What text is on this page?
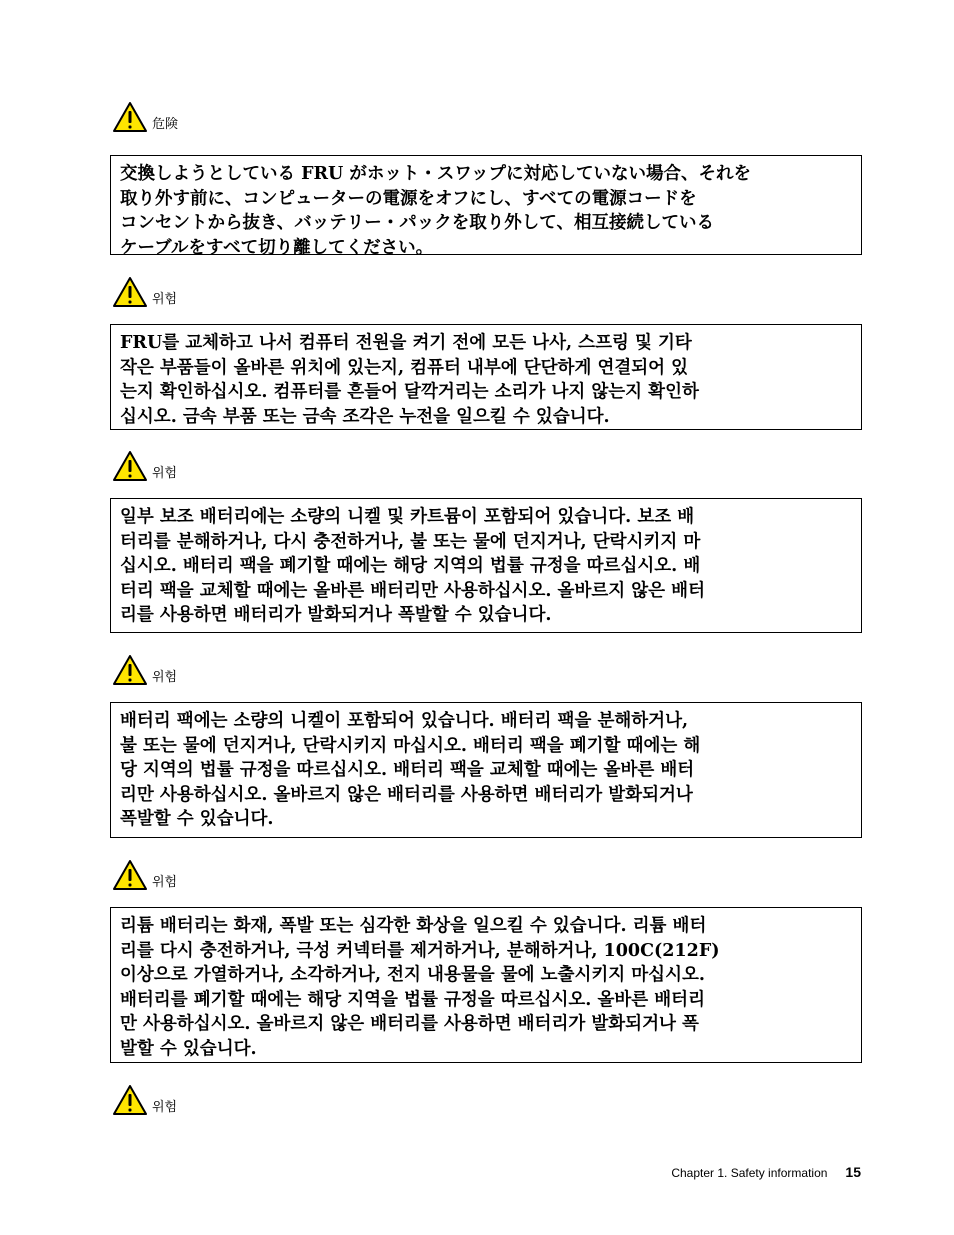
危険

交換しようとしている FRU がホット・スワップに対応していない場合、それを
取り外す前に、コンピューターの電源をオフにし、すべての電源コードを
コンセントから抜き、バッテリー・パックを取り外して、相互接続している
ケーブルをすべて切り離してください。

위험

FRU를 교체하고 나서 컴퓨터 전원을 켜기 전에 모든 나사, 스프링 및 기타
작은 부품들이 올바른 위치에 있는지, 컴퓨터 내부에 단단하게 연결되어 있
는지 확인하십시오. 컴퓨터를 흔들어 달깍거리는 소리가 나지 않는지 확인하
십시오. 금속 부품 또는 금속 조각은 누전을 일으킬 수 있습니다.

위험

일부 보조 배터리에는 소량의 니켈 및 카트뮴이 포함되어 있습니다. 보조 배
터리를 분해하거나, 다시 충전하거나, 불 또는 물에 던지거나, 단락시키지 마
십시오. 배터리 팩을 폐기할 때에는 해당 지역의 법률 규정을 따르십시오. 배
터리 팩을 교체할 때에는 올바른 배터리만 사용하십시오. 올바르지 않은 배터
리를 사용하면 배터리가 발화되거나 폭발할 수 있습니다.

위험

배터리 팩에는 소량의 니켈이 포함되어 있습니다. 배터리 팩을 분해하거나,
불 또는 물에 던지거나, 단락시키지 마십시오. 배터리 팩을 폐기할 때에는 해
당 지역의 법률 규정을 따르십시오. 배터리 팩을 교체할 때에는 올바른 배터
리만 사용하십시오. 올바르지 않은 배터리를 사용하면 배터리가 발화되거나
폭발할 수 있습니다.

위험

리튬 배터리는 화재, 폭발 또는 심각한 화상을 일으킬 수 있습니다. 리튬 배터
리를 다시 충전하거나, 극성 커넥터를 제거하거나, 분해하거나, 100C(212F)
이상으로 가열하거나, 소각하거나, 전지 내용물을 물에 노출시키지 마십시오.
배터리를 폐기할 때에는 해당 지역을 법률 규정을 따르십시오. 올바른 배터리
만 사용하십시오. 올바르지 않은 배터리를 사용하면 배터리가 발화되거나 폭
발할 수 있습니다.

위험
Chapter 1. Safety information 15
